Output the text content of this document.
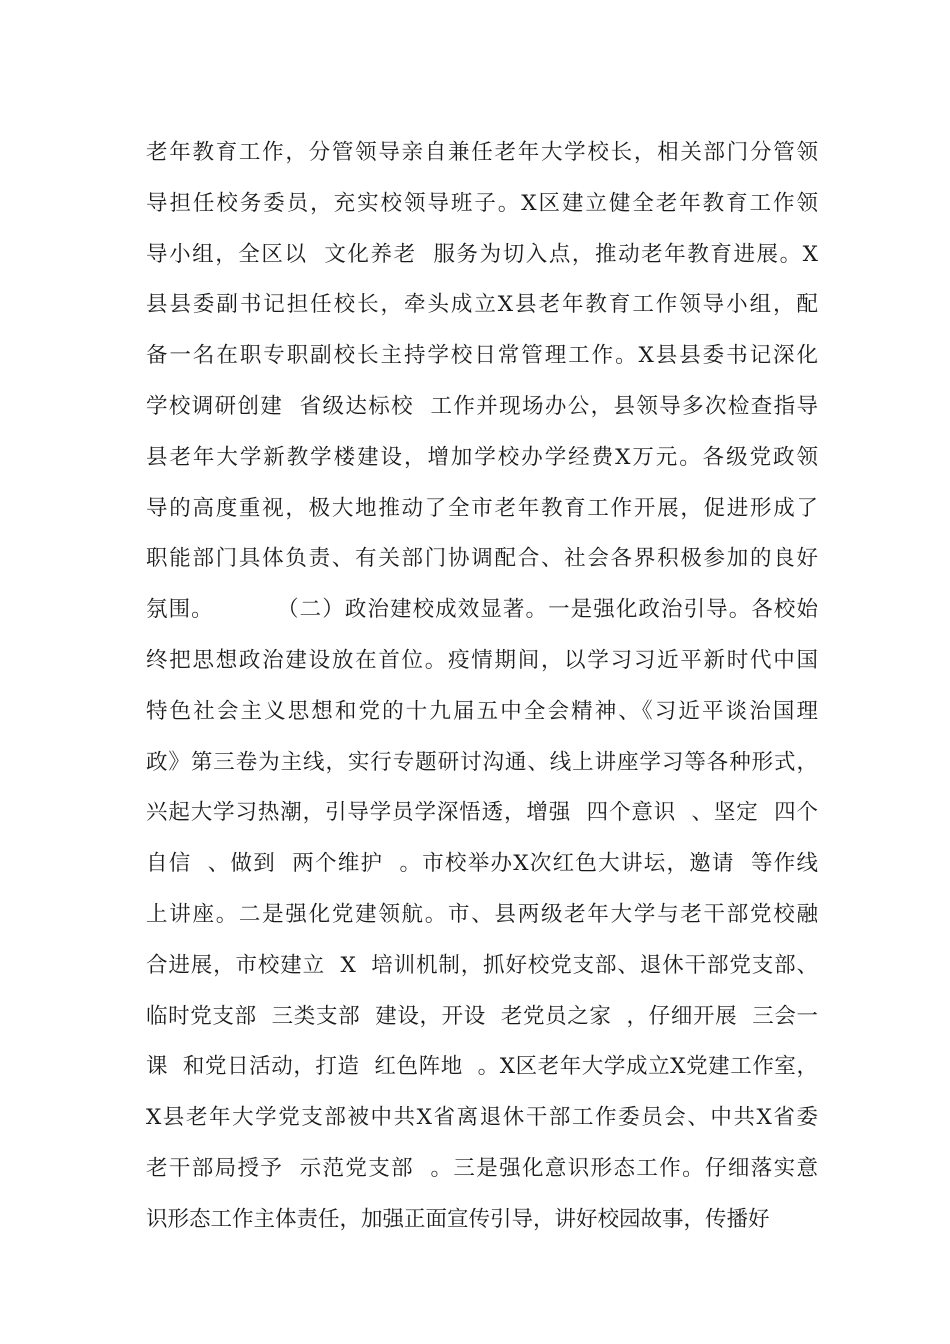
老年教育工作，分管领导亲自兼任老年大学校长，相关部门分管领
导担任校务委员，充实校领导班子。X区建立健全老年教育工作领
导小组，全区以  文化养老  服务为切入点，推动老年教育进展。X
县县委副书记担任校长，牵头成立X县老年教育工作领导小组，配
备一名在职专职副校长主持学校日常管理工作。X县县委书记深化
学校调研创建  省级达标校  工作并现场办公，县领导多次检查指导
县老年大学新教学楼建设，增加学校办学经费X万元。各级党政领
导的高度重视，极大地推动了全市老年教育工作开展，促进形成了
职能部门具体负责、有关部门协调配合、社会各界积极参加的良好
氛围。        （二）政治建校成效显著。一是强化政治引导。各校始
终把思想政治建设放在首位。疫情期间，以学习习近平新时代中国
特色社会主义思想和党的十九届五中全会精神、《习近平谈治国理
政》第三卷为主线，实行专题研讨沟通、线上讲座学习等各种形式，
兴起大学习热潮，引导学员学深悟透，增强  四个意识  、坚定  四个
自信  、做到  两个维护  。市校举办X次红色大讲坛，邀请  等作线
上讲座。二是强化党建领航。市、县两级老年大学与老干部党校融
合进展，市校建立  X  培训机制，抓好校党支部、退休干部党支部、
临时党支部  三类支部  建设，开设  老党员之家  ，仔细开展  三会一
课  和党日活动，打造  红色阵地  。X区老年大学成立X党建工作室，
X县老年大学党支部被中共X省离退休干部工作委员会、中共X省委
老干部局授予  示范党支部  。三是强化意识形态工作。仔细落实意
识形态工作主体责任，加强正面宣传引导，讲好校园故事，传播好
